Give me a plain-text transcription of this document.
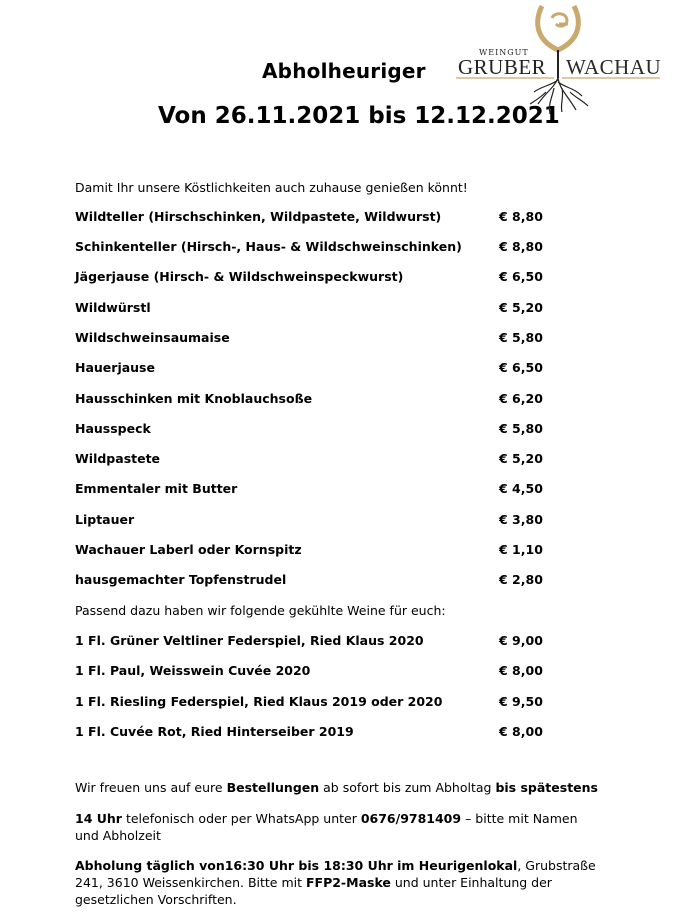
Abholheuriger
Von 26.11.2021 bis 12.12.2021
WEINGUT
GRUBER WACHAU
Damit Ihr unsere Köstlichkeiten auch zuhause genießen könnt!
Wildteller (Hirschschinken, Wildpastete, Wildwurst)	€ 8,80
Schinkenteller (Hirsch-, Haus- & Wildschweinschinken)	€ 8,80
Jägerjause (Hirsch- & Wildschweinspeckwurst)	€ 6,50
Wildwürstl	€ 5,20
Wildschweinsaumaise	€ 5,80
Hauerjause	€ 6,50
Hausschinken mit Knoblauchsoße	€ 6,20
Hausspeck	€ 5,80
Wildpastete	€ 5,20
Emmentaler mit Butter	€ 4,50
Liptauer	€ 3,80
Wachauer Laberl oder Kornspitz	€ 1,10
hausgemachter Topfenstrudel	€ 2,80
Passend dazu haben wir folgende gekühlte Weine für euch:
1 Fl. Grüner Veltliner Federspiel, Ried Klaus 2020	€ 9,00
1 Fl. Paul, Weisswein Cuvée 2020	€ 8,00
1 Fl. Riesling Federspiel, Ried Klaus 2019 oder 2020	€ 9,50
1 Fl. Cuvée Rot, Ried Hinterseiber 2019	€ 8,00
Wir freuen uns auf eure Bestellungen ab sofort bis zum Abholtag bis spätestens
14 Uhr telefonisch oder per WhatsApp unter 0676/9781409 – bitte mit Namen und Abholzeit
Abholung täglich von16:30 Uhr bis 18:30 Uhr im Heurigenlokal, Grubstraße 241, 3610 Weissenkirchen. Bitte mit FFP2-Maske und unter Einhaltung der gesetzlichen Vorschriften.
